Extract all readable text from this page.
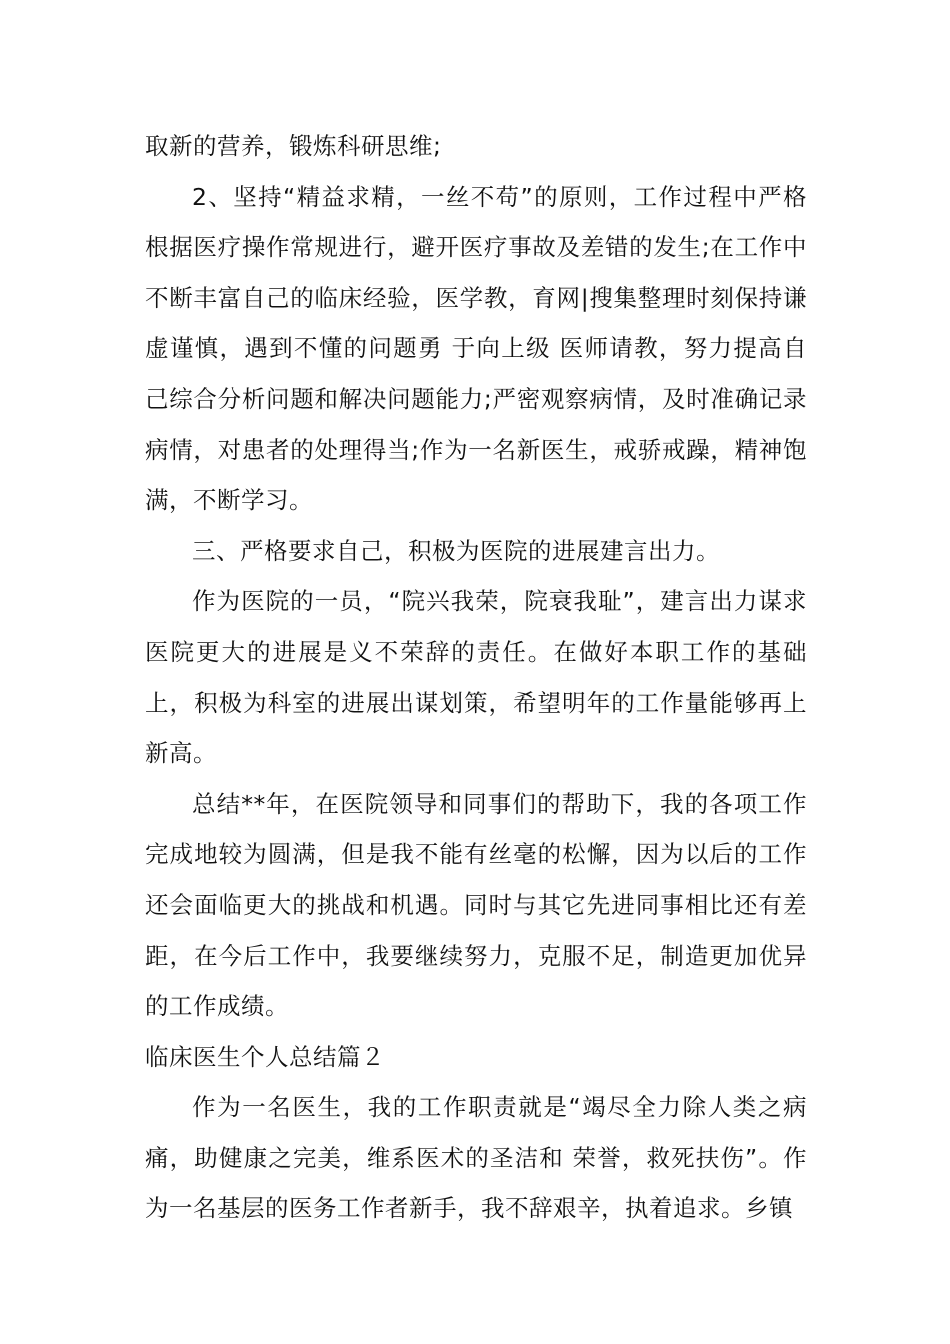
取新的营养，锻炼科研思维;

2、坚持“精益求精，一丝不苟”的原则，工作过程中严格根据医疗操作常规进行，避开医疗事故及差错的发生;在工作中不断丰富自己的临床经验，医学教，育网|搜集整理时刻保持谦虚谨慎，遇到不懂的问题勇 于向上级 医师请教，努力提高自己综合分析问题和解决问题能力;严密观察病情，及时准确记录病情，对患者的处理得当;作为一名新医生，戒骄戒躁，精神饱满，不断学习。

三、严格要求自己，积极为医院的进展建言出力。

作为医院的一员，“院兴我荣，院衰我耻”，建言出力谋求医院更大的进展是义不荣辞的责任。在做好本职工作的基础上，积极为科室的进展出谋划策，希望明年的工作量能够再上新高。

总结**年，在医院领导和同事们的帮助下，我的各项工作完成地较为圆满，但是我不能有丝毫的松懈，因为以后的工作还会面临更大的挑战和机遇。同时与其它先进同事相比还有差距，在今后工作中，我要继续努力，克服不足，制造更加优异的工作成绩。

临床医生个人总结篇２

作为一名医生，我的工作职责就是“竭尽全力除人类之病痛，助健康之完美，维系医术的圣洁和 荣誉，救死扶伤”。作为一名基层的医务工作者新手，我不辞艰辛，执着追求。乡镇
